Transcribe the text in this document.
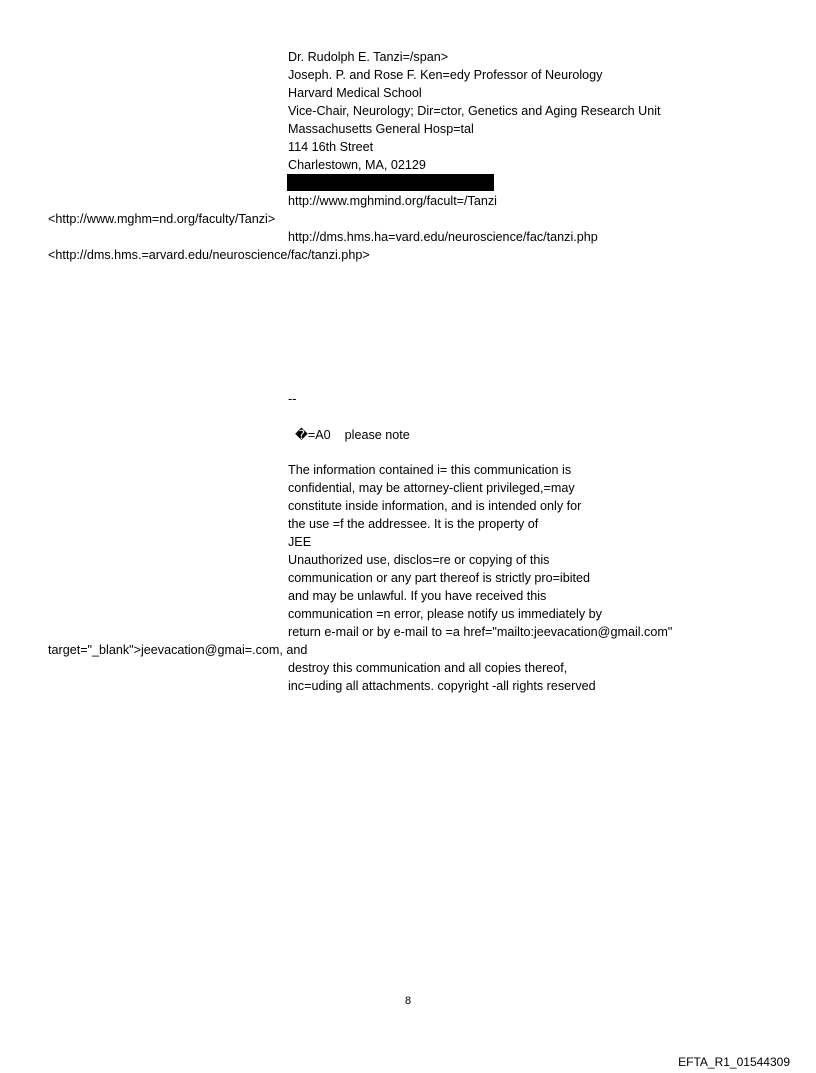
Dr. Rudolph E. Tanzi=/span>
Joseph. P. and Rose F. Ken=edy Professor of Neurology
Harvard Medical School
Vice-Chair, Neurology; Dir=ctor, Genetics and Aging Research Unit
Massachusetts General Hosp=tal
114 16th Street
Charlestown, MA, 02129
http://www.mghmind.org/facult=/Tanzi
<http://www.mghm=nd.org/faculty/Tanzi>
http://dms.hms.ha=vard.edu/neuroscience/fac/tanzi.php
<http://dms.hms.=arvard.edu/neuroscience/fac/tanzi.php>
--
�=A0    please note
The information contained i= this communication is
confidential, may be attorney-client privileged,=may
constitute inside information, and is intended only for
the use =f the addressee. It is the property of
JEE
Unauthorized use, disclos=re or copying of this
communication or any part thereof is strictly pro=ibited
and may be unlawful. If you have received this
communication =n error, please notify us immediately by
return e-mail or by e-mail to =a href="mailto:jeevacation@gmail.com"
target="_blank">jeevacation@gmai=.com, and
destroy this communication and all copies thereof,
inc=uding all attachments. copyright -all rights reserved
8
EFTA_R1_01544309
